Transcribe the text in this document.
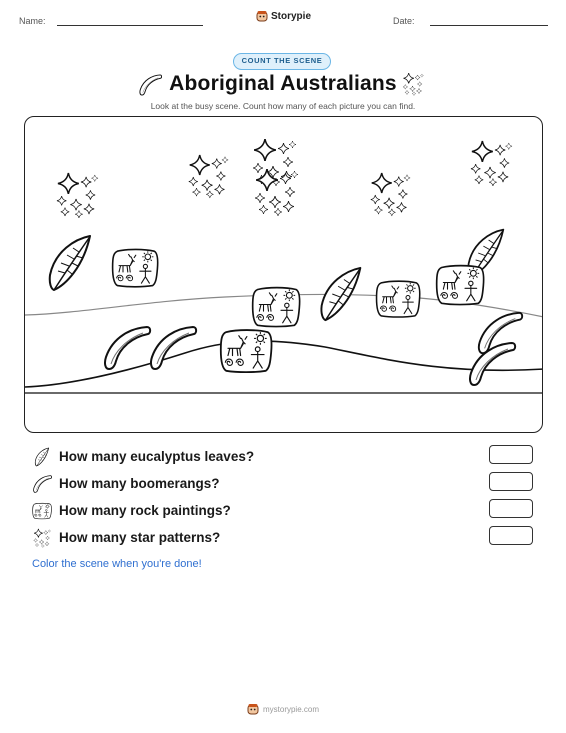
Name:	Storypie	Date:
COUNT THE SCENE
Aboriginal Australians
Look at the busy scene. Count how many of each picture you can find.
How many eucalyptus leaves?
How many boomerangs?
How many rock paintings?
How many star patterns?
Color the scene when you're done!
mystorypie.com
